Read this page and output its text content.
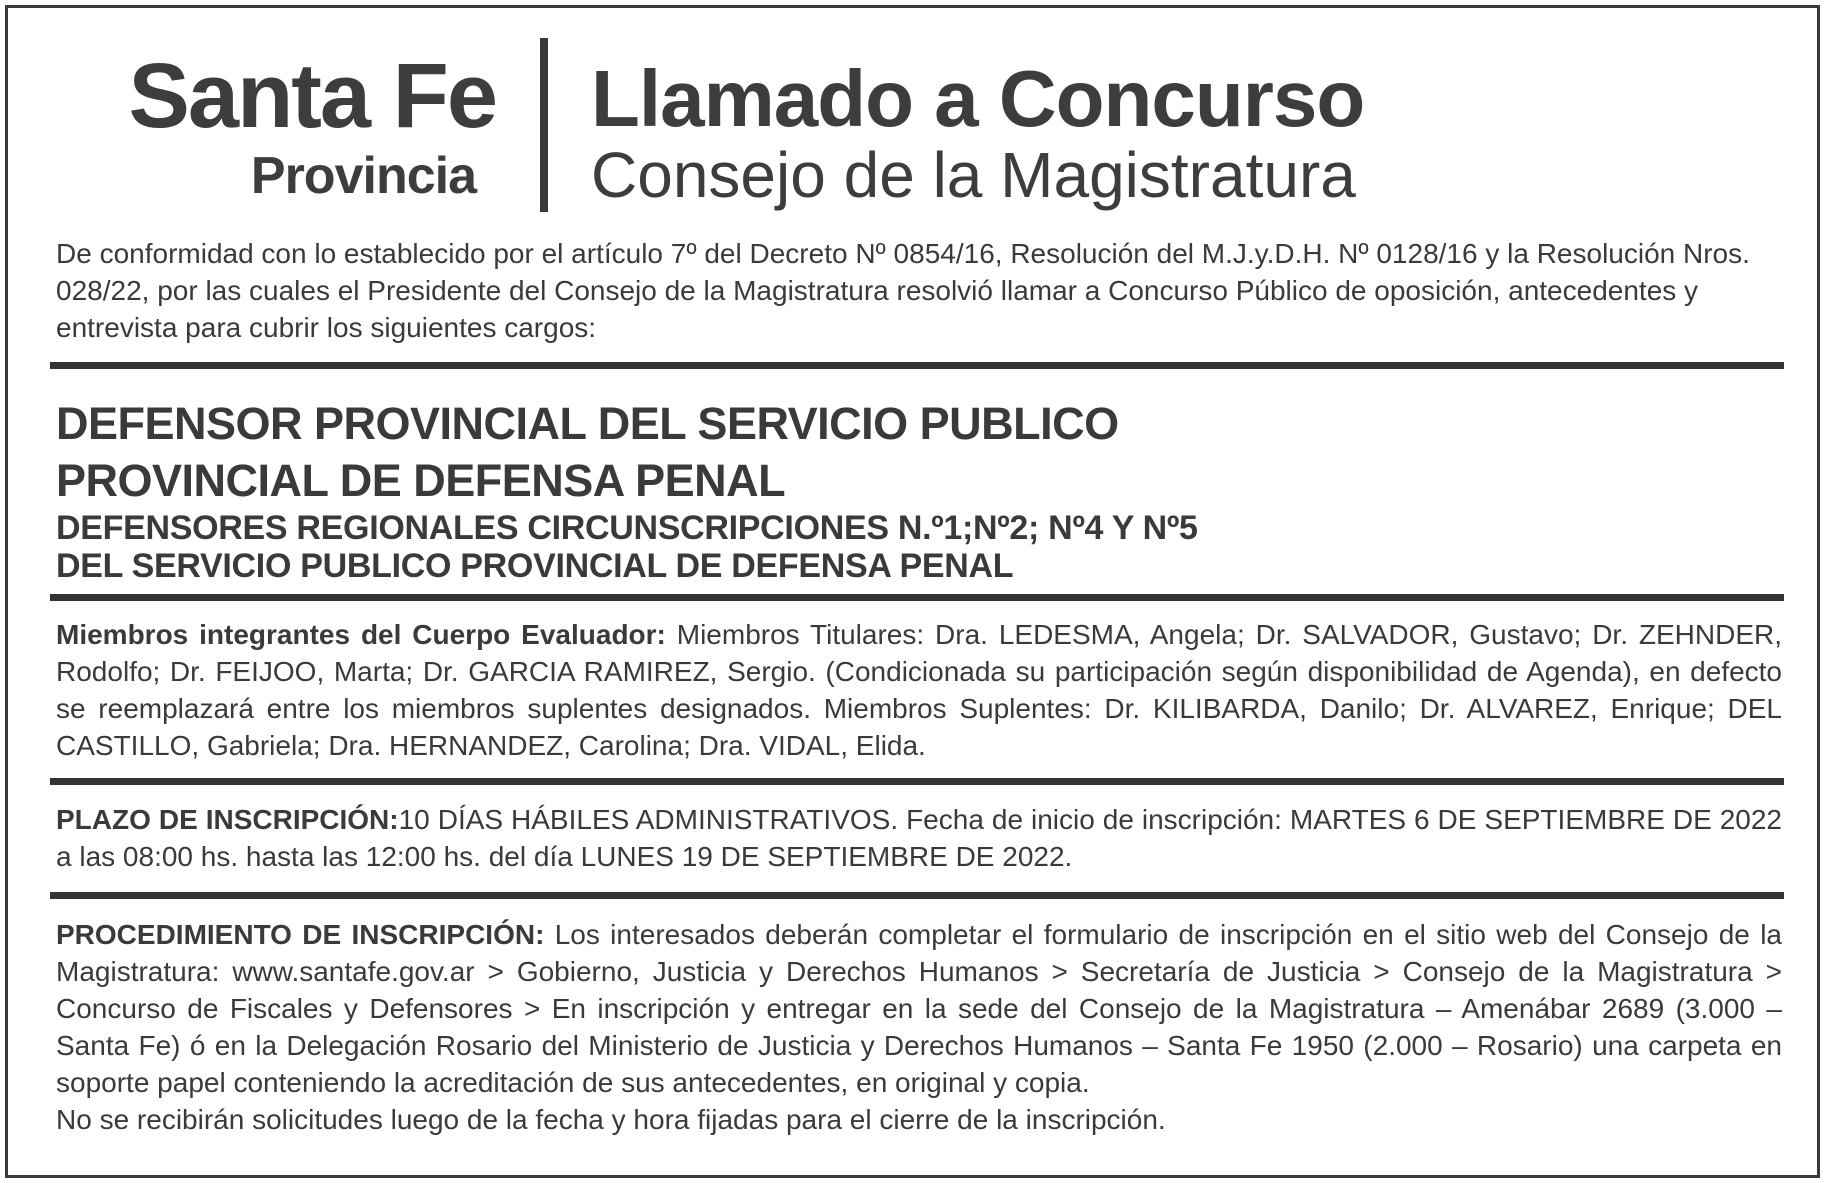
Santa Fe
Provincia
Llamado a Concurso
Consejo de la Magistratura
De conformidad con lo establecido por el artículo 7º del Decreto Nº 0854/16, Resolución del M.J.y.D.H. Nº 0128/16 y la Resolución Nros. 028/22, por las cuales el Presidente del Consejo de la Magistratura resolvió llamar a Concurso Público de oposición, antecedentes y entrevista para cubrir los siguientes cargos:
DEFENSOR PROVINCIAL DEL SERVICIO PUBLICO
PROVINCIAL DE DEFENSA PENAL
DEFENSORES REGIONALES CIRCUNSCRIPCIONES N.º1;Nº2; Nº4 Y Nº5
DEL SERVICIO PUBLICO PROVINCIAL DE DEFENSA PENAL
Miembros integrantes del Cuerpo Evaluador: Miembros Titulares: Dra. LEDESMA, Angela; Dr. SALVADOR, Gustavo; Dr. ZEHNDER, Rodolfo; Dr. FEIJOO, Marta; Dr. GARCIA RAMIREZ, Sergio. (Condicionada su participación según disponibilidad de Agenda), en defecto se reemplazará entre los miembros suplentes designados. Miembros Suplentes: Dr. KILIBARDA, Danilo; Dr. ALVAREZ, Enrique; DEL CASTILLO, Gabriela; Dra. HERNANDEZ, Carolina; Dra. VIDAL, Elida.
PLAZO DE INSCRIPCIÓN:10 DÍAS HÁBILES ADMINISTRATIVOS. Fecha de inicio de inscripción: MARTES 6 DE SEPTIEMBRE DE 2022 a las 08:00 hs. hasta las 12:00 hs. del día LUNES 19 DE SEPTIEMBRE DE 2022.
PROCEDIMIENTO DE INSCRIPCIÓN: Los interesados deberán completar el formulario de inscripción en el sitio web del Consejo de la Magistratura: www.santafe.gov.ar > Gobierno, Justicia y Derechos Humanos > Secretaría de Justicia > Consejo de la Magistratura > Concurso de Fiscales y Defensores > En inscripción y entregar en la sede del Consejo de la Magistratura – Amenábar 2689 (3.000 – Santa Fe) ó en la Delegación Rosario del Ministerio de Justicia y Derechos Humanos – Santa Fe 1950 (2.000 – Rosario) una carpeta en soporte papel conteniendo la acreditación de sus antecedentes, en original y copia.
No se recibirán solicitudes luego de la fecha y hora fijadas para el cierre de la inscripción.
